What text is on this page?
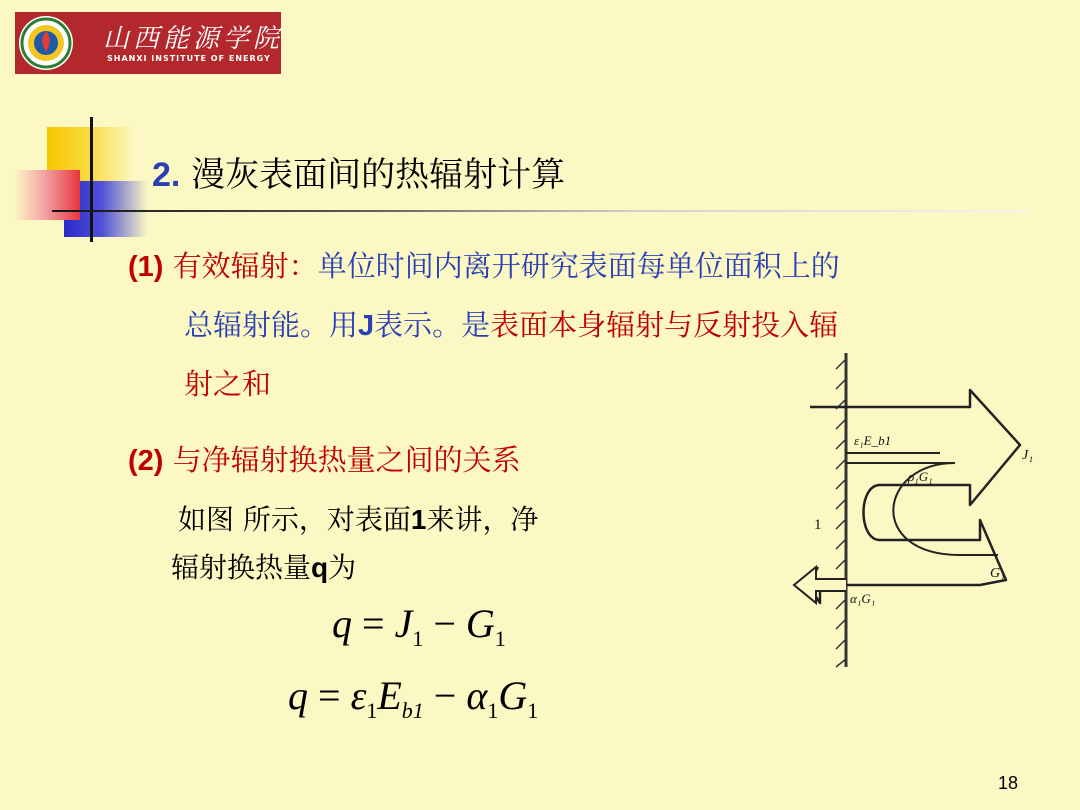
山西能源学院
SHANXI INSTITUTE OF ENERGY
2. 漫灰表面间的热辐射计算
(1) 有效辐射：单位时间内离开研究表面每单位面积上的
总辐射能。用J表示。是表面本身辐射与反射投入辐
射之和
(2) 与净辐射换热量之间的关系
如图 所示，对表面1来讲，净
辐射换热量q为
$q = J_1 - G_1$
$q = \varepsilon_1E_{b1} - \alpha_1G_1$
ε₁E_b1
ρ₁G₁
α₁G₁
G₁
J₁
1
18
